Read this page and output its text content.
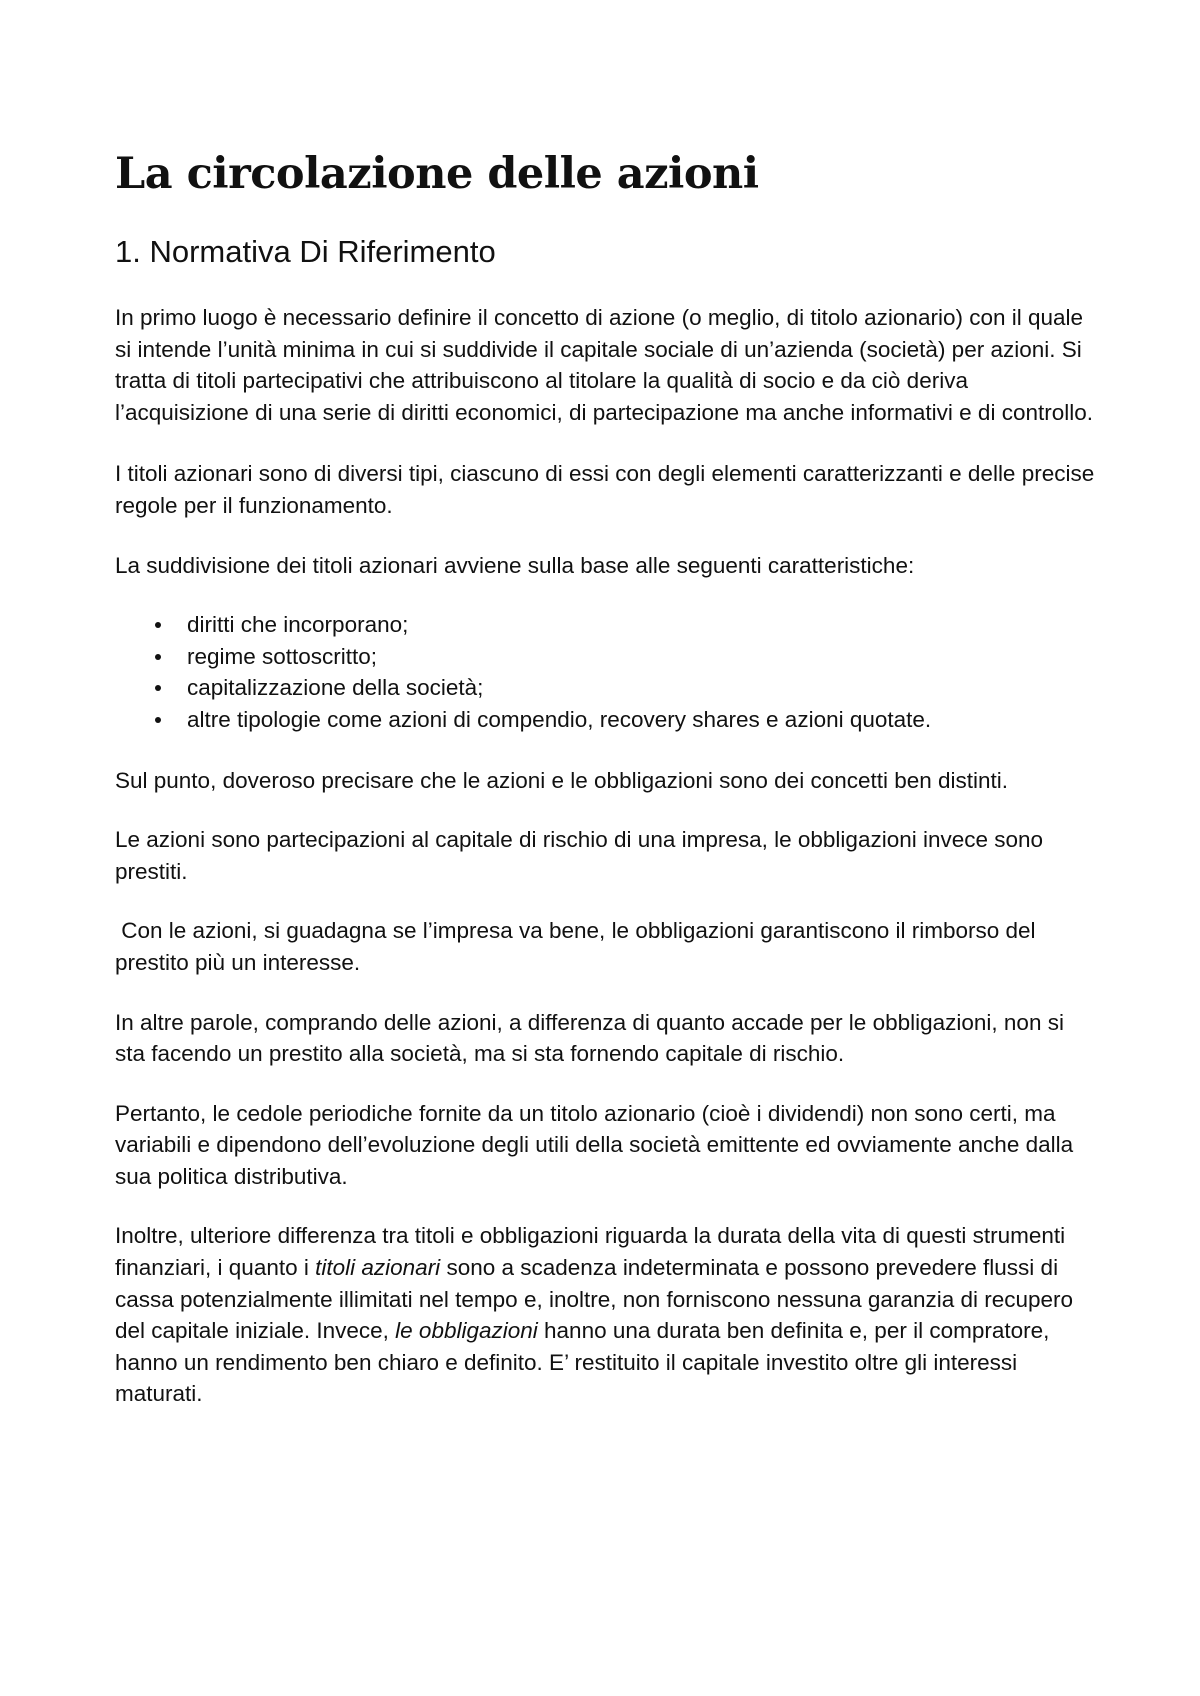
La circolazione delle azioni
1. Normativa Di Riferimento

In primo luogo è necessario definire il concetto di azione (o meglio, di titolo azionario) con il quale si intende l’unità minima in cui si suddivide il capitale sociale di un’azienda (società) per azioni. Si tratta di titoli partecipativi che attribuiscono al titolare la qualità di socio e da ciò deriva l’acquisizione di una serie di diritti economici, di partecipazione ma anche informativi e di controllo.

I titoli azionari sono di diversi tipi, ciascuno di essi con degli elementi caratterizzanti e delle precise regole per il funzionamento.

La suddivisione dei titoli azionari avviene sulla base alle seguenti caratteristiche:

diritti che incorporano;
regime sottoscritto;
capitalizzazione della società;
altre tipologie come azioni di compendio, recovery shares e azioni quotate.

Sul punto, doveroso precisare che le azioni e le obbligazioni sono dei concetti ben distinti.

Le azioni sono partecipazioni al capitale di rischio di una impresa, le obbligazioni invece sono prestiti.

Con le azioni, si guadagna se l’impresa va bene, le obbligazioni garantiscono il rimborso del prestito più un interesse.

In altre parole, comprando delle azioni, a differenza di quanto accade per le obbligazioni, non si sta facendo un prestito alla società, ma si sta fornendo capitale di rischio.

Pertanto, le cedole periodiche fornite da un titolo azionario (cioè i dividendi) non sono certi, ma variabili e dipendono dell’evoluzione degli utili della società emittente ed ovviamente anche dalla sua politica distributiva.

Inoltre, ulteriore differenza tra titoli e obbligazioni riguarda la durata della vita di questi strumenti finanziari, i quanto i titoli azionari sono a scadenza indeterminata e possono prevedere flussi di cassa potenzialmente illimitati nel tempo e, inoltre, non forniscono nessuna garanzia di recupero del capitale iniziale. Invece, le obbligazioni hanno una durata ben definita e, per il compratore, hanno un rendimento ben chiaro e definito. E’ restituito il capitale investito oltre gli interessi maturati.
